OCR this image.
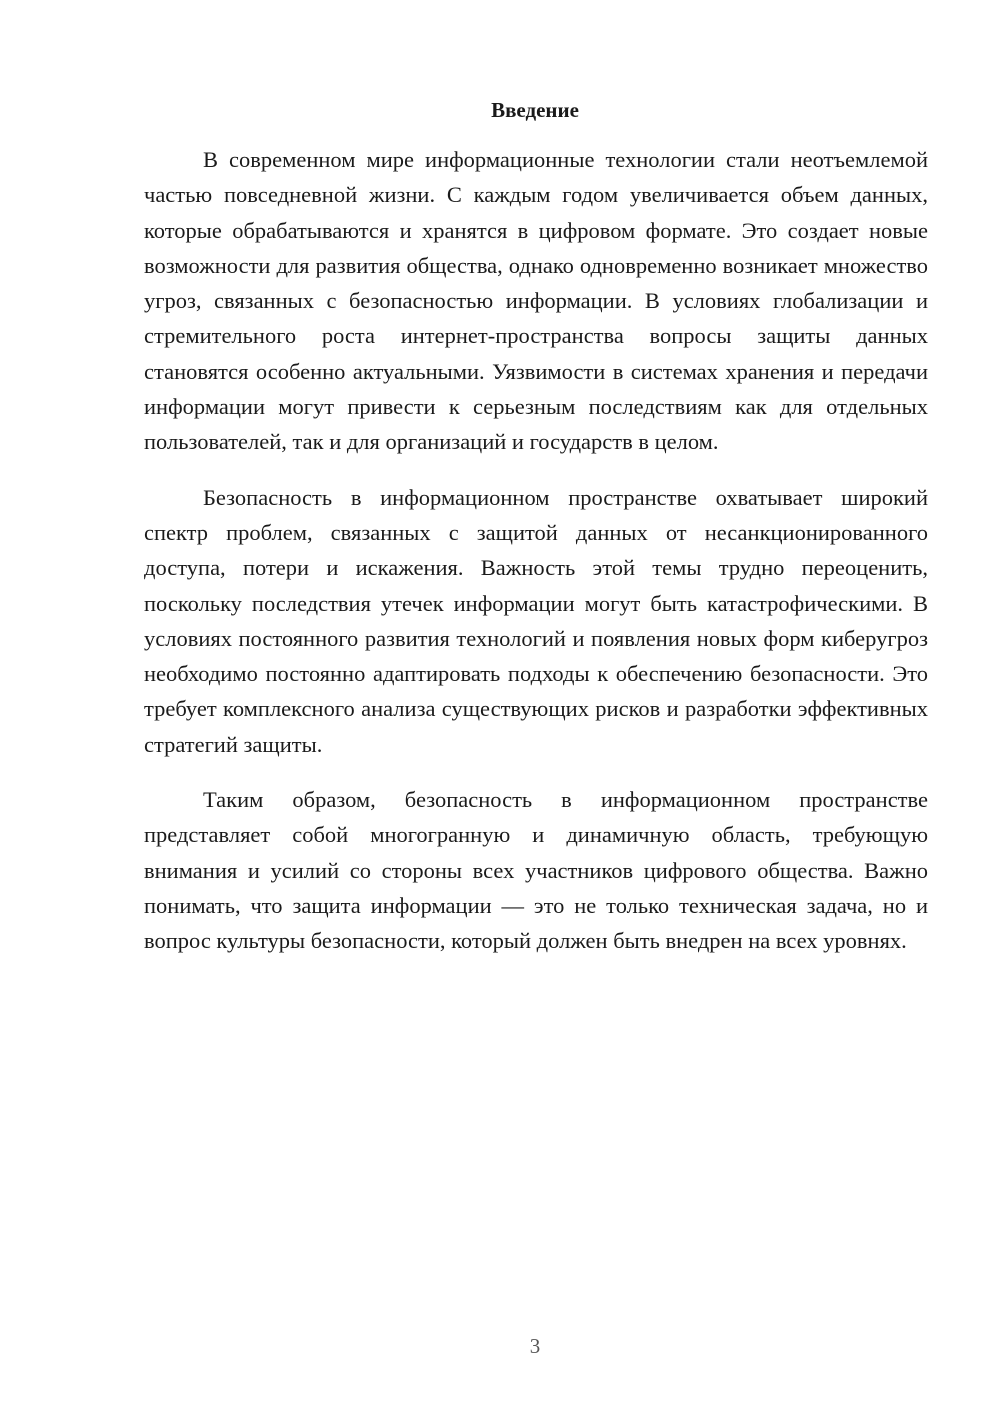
Введение

В современном мире информационные технологии стали неотъемлемой частью повседневной жизни. С каждым годом увеличивается объем данных, которые обрабатываются и хранятся в цифровом формате. Это создает новые возможности для развития общества, однако одновременно возникает множество угроз, связанных с безопасностью информации. В условиях глобализации и стремительного роста интернет-пространства вопросы защиты данных становятся особенно актуальными. Уязвимости в системах хранения и передачи информации могут привести к серьезным последствиям как для отдельных пользователей, так и для организаций и государств в целом.

Безопасность в информационном пространстве охватывает широкий спектр проблем, связанных с защитой данных от несанкционированного доступа, потери и искажения. Важность этой темы трудно переоценить, поскольку последствия утечек информации могут быть катастрофическими. В условиях постоянного развития технологий и появления новых форм киберугроз необходимо постоянно адаптировать подходы к обеспечению безопасности. Это требует комплексного анализа существующих рисков и разработки эффективных стратегий защиты.

Таким образом, безопасность в информационном пространстве представляет собой многогранную и динамичную область, требующую внимания и усилий со стороны всех участников цифрового общества. Важно понимать, что защита информации — это не только техническая задача, но и вопрос культуры безопасности, который должен быть внедрен на всех уровнях.

3
